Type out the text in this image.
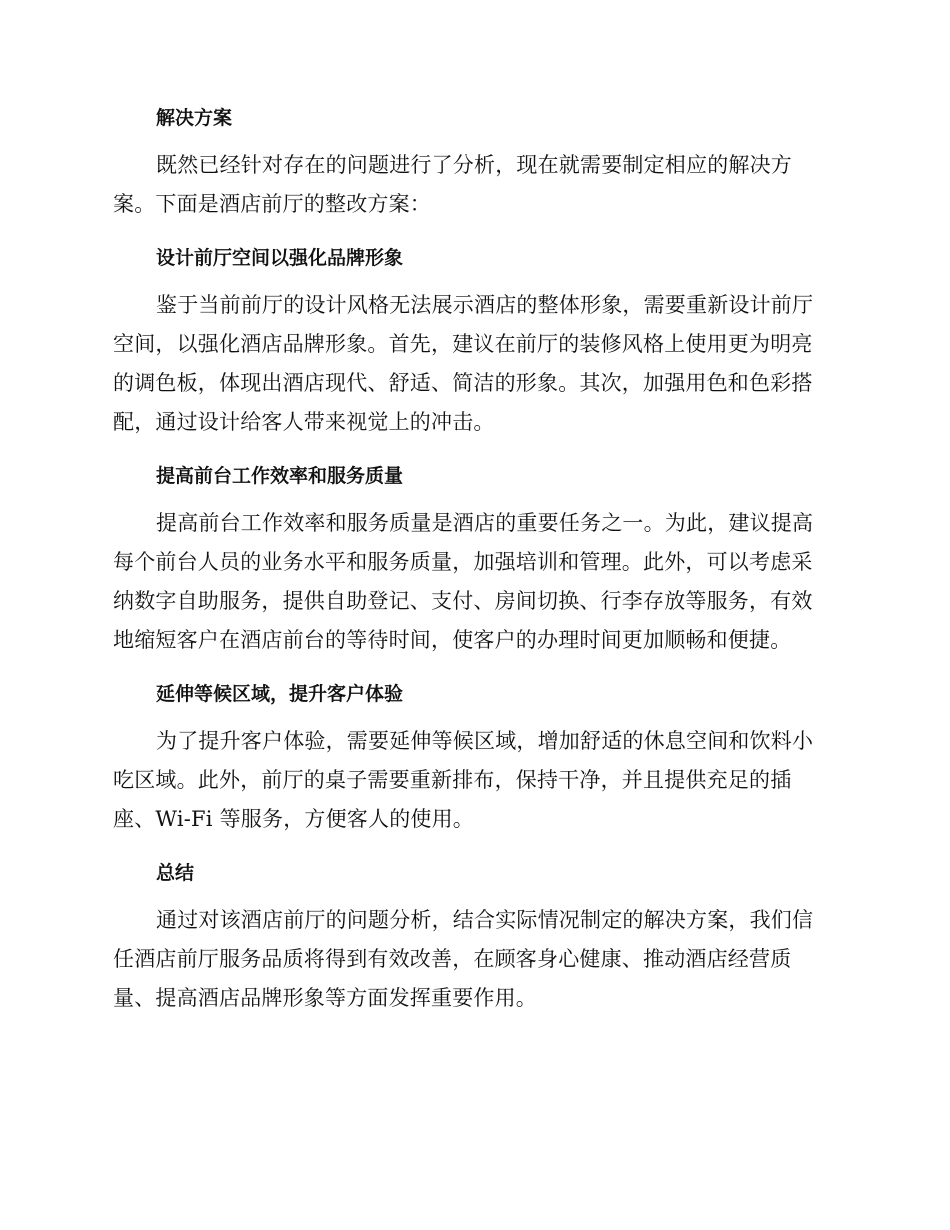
解决方案

既然已经针对存在的问题进行了分析，现在就需要制定相应的解决方案。下面是酒店前厅的整改方案：

设计前厅空间以强化品牌形象

鉴于当前前厅的设计风格无法展示酒店的整体形象，需要重新设计前厅空间，以强化酒店品牌形象。首先，建议在前厅的装修风格上使用更为明亮的调色板，体现出酒店现代、舒适、简洁的形象。其次，加强用色和色彩搭配，通过设计给客人带来视觉上的冲击。

提高前台工作效率和服务质量

提高前台工作效率和服务质量是酒店的重要任务之一。为此，建议提高每个前台人员的业务水平和服务质量，加强培训和管理。此外，可以考虑采纳数字自助服务，提供自助登记、支付、房间切换、行李存放等服务，有效地缩短客户在酒店前台的等待时间，使客户的办理时间更加顺畅和便捷。

延伸等候区域，提升客户体验

为了提升客户体验，需要延伸等候区域，增加舒适的休息空间和饮料小吃区域。此外，前厅的桌子需要重新排布，保持干净，并且提供充足的插座、Wi-Fi 等服务，方便客人的使用。

总结

通过对该酒店前厅的问题分析，结合实际情况制定的解决方案，我们信任酒店前厅服务品质将得到有效改善，在顾客身心健康、推动酒店经营质量、提高酒店品牌形象等方面发挥重要作用。
